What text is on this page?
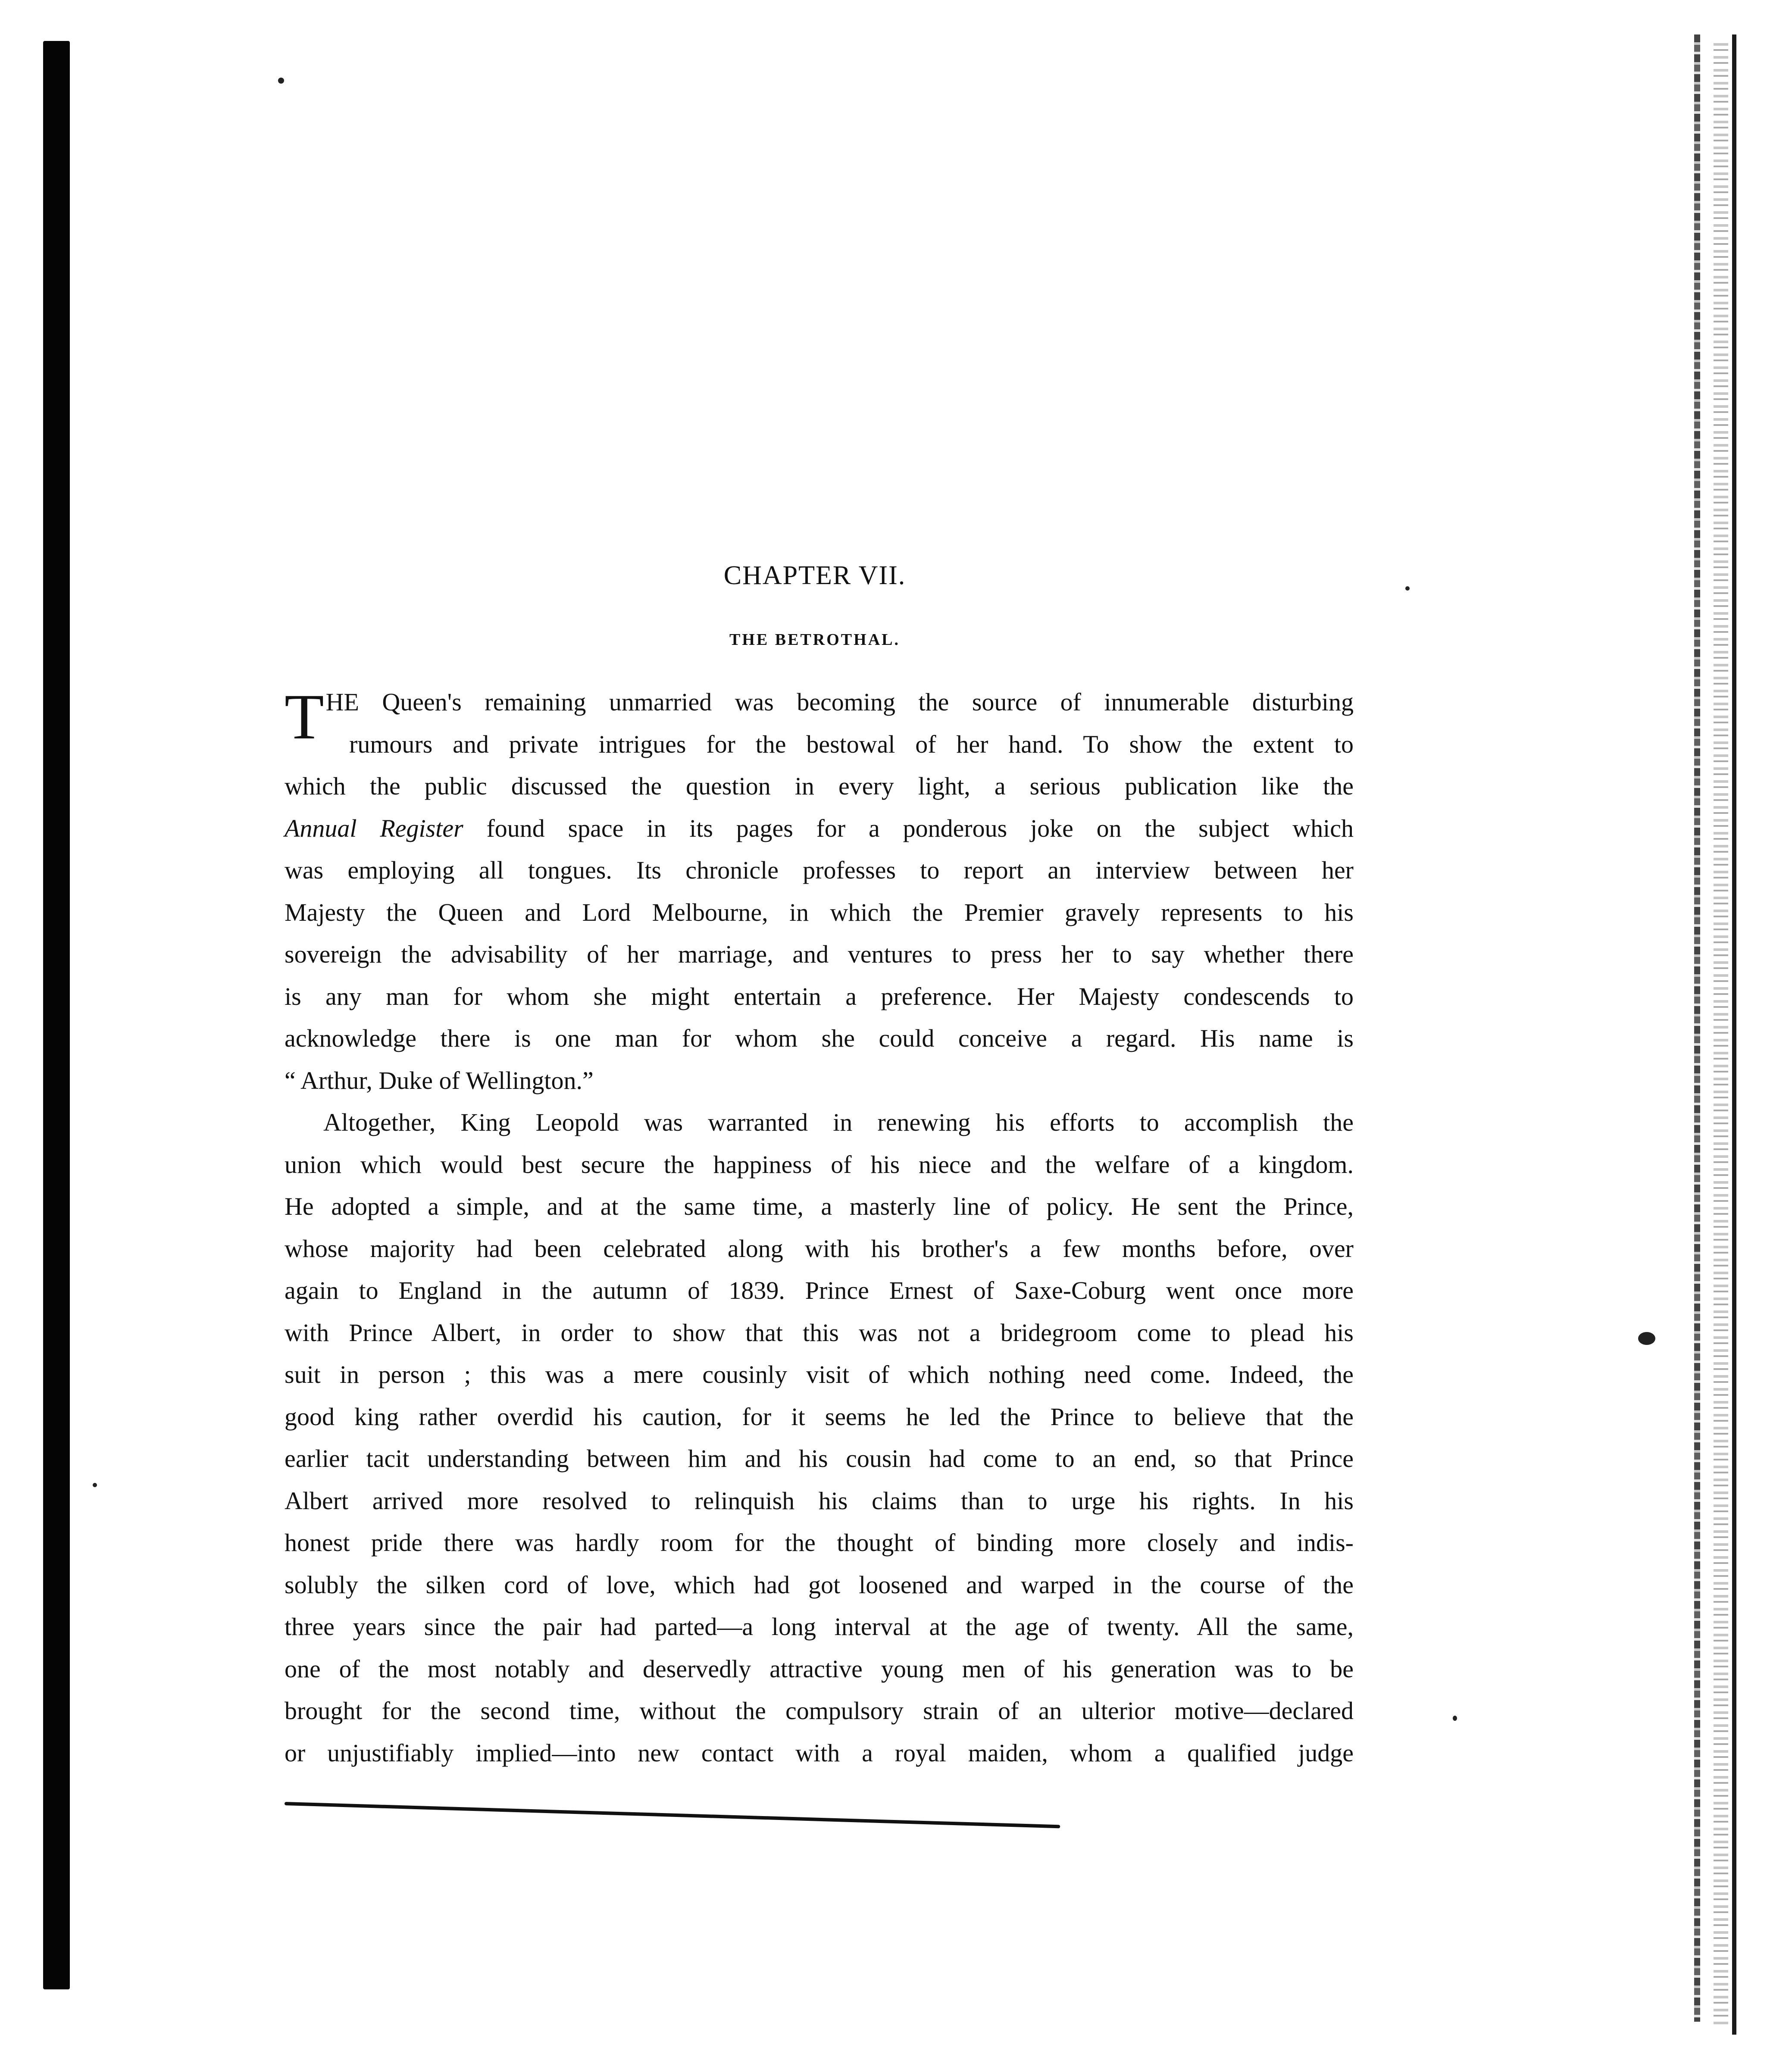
CHAPTER VII.
THE BETROTHAL.
T HE Queen's remaining unmarried was becoming the source of innumerable disturbing
rumours and private intrigues for the bestowal of her hand. To show the extent to
which the public discussed the question in every light, a serious publication like the
Annual Register found space in its pages for a ponderous joke on the subject which
was employing all tongues. Its chronicle professes to report an interview between her
Majesty the Queen and Lord Melbourne, in which the Premier gravely represents to his
sovereign the advisability of her marriage, and ventures to press her to say whether there
is any man for whom she might entertain a preference. Her Majesty condescends to
acknowledge there is one man for whom she could conceive a regard. His name is
“ Arthur, Duke of Wellington.”
Altogether, King Leopold was warranted in renewing his efforts to accomplish the
union which would best secure the happiness of his niece and the welfare of a kingdom.
He adopted a simple, and at the same time, a masterly line of policy. He sent the Prince,
whose majority had been celebrated along with his brother's a few months before, over
again to England in the autumn of 1839. Prince Ernest of Saxe-Coburg went once more
with Prince Albert, in order to show that this was not a bridegroom come to plead his
suit in person ; this was a mere cousinly visit of which nothing need come. Indeed, the
good king rather overdid his caution, for it seems he led the Prince to believe that the
earlier tacit understanding between him and his cousin had come to an end, so that Prince
Albert arrived more resolved to relinquish his claims than to urge his rights. In his
honest pride there was hardly room for the thought of binding more closely and indis-
solubly the silken cord of love, which had got loosened and warped in the course of the
three years since the pair had parted—a long interval at the age of twenty. All the same,
one of the most notably and deservedly attractive young men of his generation was to be
brought for the second time, without the compulsory strain of an ulterior motive—declared
or unjustifiably implied—into new contact with a royal maiden, whom a qualified judge
